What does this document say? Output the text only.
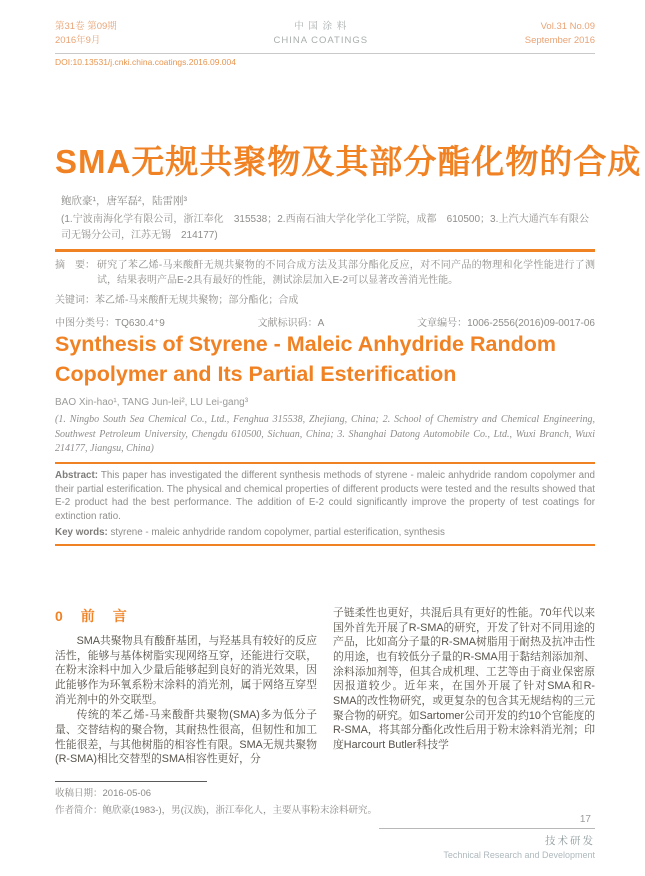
第31卷 第09期
2016年9月
中 国 涂 料
CHINA COATINGS
Vol.31 No.09
September 2016
DOI:10.13531/j.cnki.china.coatings.2016.09.004
SMA无规共聚物及其部分酯化物的合成
鲍欣豪¹，唐军磊²，陆雷刚³
(1.宁波南海化学有限公司，浙江奉化　315538；2.西南石油大学化学化工学院，成都　610500；3.上汽大通汽车有限公司无锡分公司，江苏无锡　214177)
摘　要： 研究了苯乙烯-马来酸酐无规共聚物的不同合成方法及其部分酯化反应，对不同产品的物理和化学性能进行了测试，结果表明产品E-2具有最好的性能，测试涂层加入E-2可以显著改善消光性能。
关键词：苯乙烯-马来酸酐无规共聚物；部分酯化；合成
中图分类号：TQ630.4⁺9	文献标识码：A	文章编号：1006-2556(2016)09-0017-06
Synthesis of Styrene - Maleic Anhydride Random Copolymer and Its Partial Esterification
BAO Xin-hao¹, TANG Jun-lei², LU Lei-gang³
(1. Ningbo South Sea Chemical Co., Ltd., Fenghua 315538, Zhejiang, China; 2. School of Chemistry and Chemical Engineering, Southwest Petroleum University, Chengdu 610500, Sichuan, China; 3. Shanghai Datong Automobile Co., Ltd., Wuxi Branch, Wuxi 214177, Jiangsu, China)

Abstract: This paper has investigated the different synthesis methods of styrene - maleic anhydride random copolymer and their partial esterification. The physical and chemical properties of different products were tested and the results showed that E-2 product had the best performance. The addition of E-2 could significantly improve the property of test coatings for extinction ratio.

Key words: styrene - maleic anhydride random copolymer, partial esterification, synthesis

0　前　言

SMA共聚物具有酸酐基团，与羟基具有较好的反应活性，能够与基体树脂实现网络互穿，还能进行交联，在粉末涂料中加入少量后能够起到良好的消光效果，因此能够作为环氧系粉末涂料的消光剂，属于网络互穿型消光剂中的外交联型。

传统的苯乙烯-马来酸酐共聚物(SMA)多为低分子量、交替结构的聚合物，其耐热性很高，但韧性和加工性能很差，与其他树脂的相容性有限。SMA无规共聚物(R-SMA)相比交替型的SMA相容性更好，分

子链柔性也更好，共混后具有更好的性能。70年代以来国外首先开展了R-SMA的研究，开发了针对不同用途的产品，比如高分子量的R-SMA树脂用于耐热及抗冲击性的用途，也有较低分子量的R-SMA用于黏结剂添加剂、涂料添加剂等，但其合成机理、工艺等由于商业保密原因报道较少。近年来，在国外开展了针对SMA和R-SMA的改性物研究，或更复杂的包含其无规结构的三元聚合物的研究。如Sartomer公司开发的约10个官能度的R-SMA，将其部分酯化改性后用于粉末涂料消光剂；印度Harcourt Butler科技学

收稿日期：2016-05-06
作者简介：鲍欣豪(1983-)，男(汉族)，浙江奉化人，主要从事粉末涂料研究。
17
技术研发
Technical Research and Development
